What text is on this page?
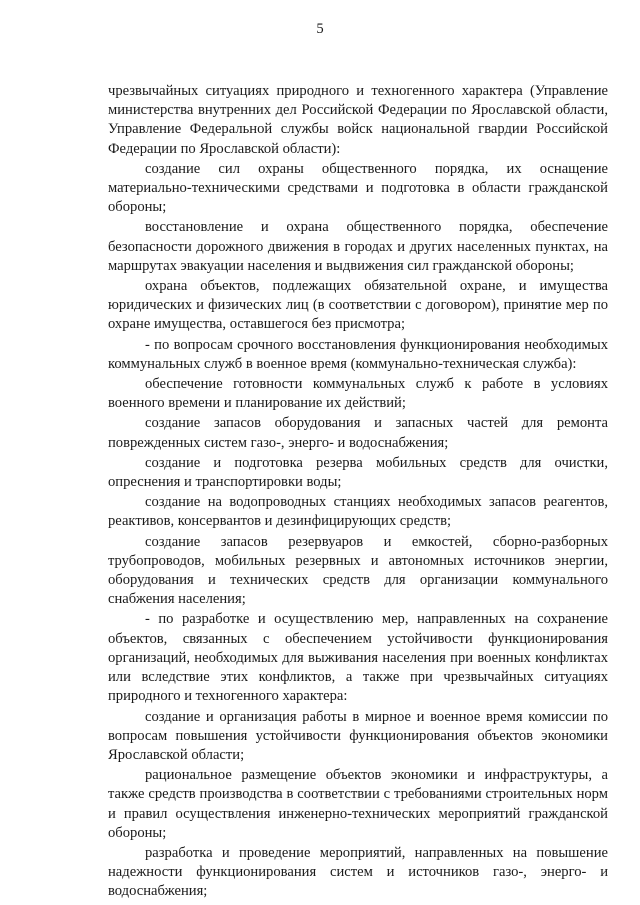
5

чрезвычайных ситуациях природного и техногенного характера (Управление министерства внутренних дел Российской Федерации по Ярославской области, Управление Федеральной службы войск национальной гвардии Российской Федерации по Ярославской области):

создание сил охраны общественного порядка, их оснащение материально-техническими средствами и подготовка в области гражданской обороны;

восстановление и охрана общественного порядка, обеспечение безопасности дорожного движения в городах и других населенных пунктах, на маршрутах эвакуации населения и выдвижения сил гражданской обороны;

охрана объектов, подлежащих обязательной охране, и имущества юридических и физических лиц (в соответствии с договором), принятие мер по охране имущества, оставшегося без присмотра;

- по вопросам срочного восстановления функционирования необходимых коммунальных служб в военное время (коммунально-техническая служба):

обеспечение готовности коммунальных служб к работе в условиях военного времени и планирование их действий;

создание запасов оборудования и запасных частей для ремонта поврежденных систем газо-, энерго- и водоснабжения;

создание и подготовка резерва мобильных средств для очистки, опреснения и транспортировки воды;

создание на водопроводных станциях необходимых запасов реагентов, реактивов, консервантов и дезинфицирующих средств;

создание запасов резервуаров и емкостей, сборно-разборных трубопроводов, мобильных резервных и автономных источников энергии, оборудования и технических средств для организации коммунального снабжения населения;

- по разработке и осуществлению мер, направленных на сохранение объектов, связанных с обеспечением устойчивости функционирования организаций, необходимых для выживания населения при военных конфликтах или вследствие этих конфликтов, а также при чрезвычайных ситуациях природного и техногенного характера:

создание и организация работы в мирное и военное время комиссии по вопросам повышения устойчивости функционирования объектов экономики Ярославской области;

рациональное размещение объектов экономики и инфраструктуры, а также средств производства в соответствии с требованиями строительных норм и правил осуществления инженерно-технических мероприятий гражданской обороны;

разработка и проведение мероприятий, направленных на повышение надежности функционирования систем и источников газо-, энерго- и водоснабжения;
